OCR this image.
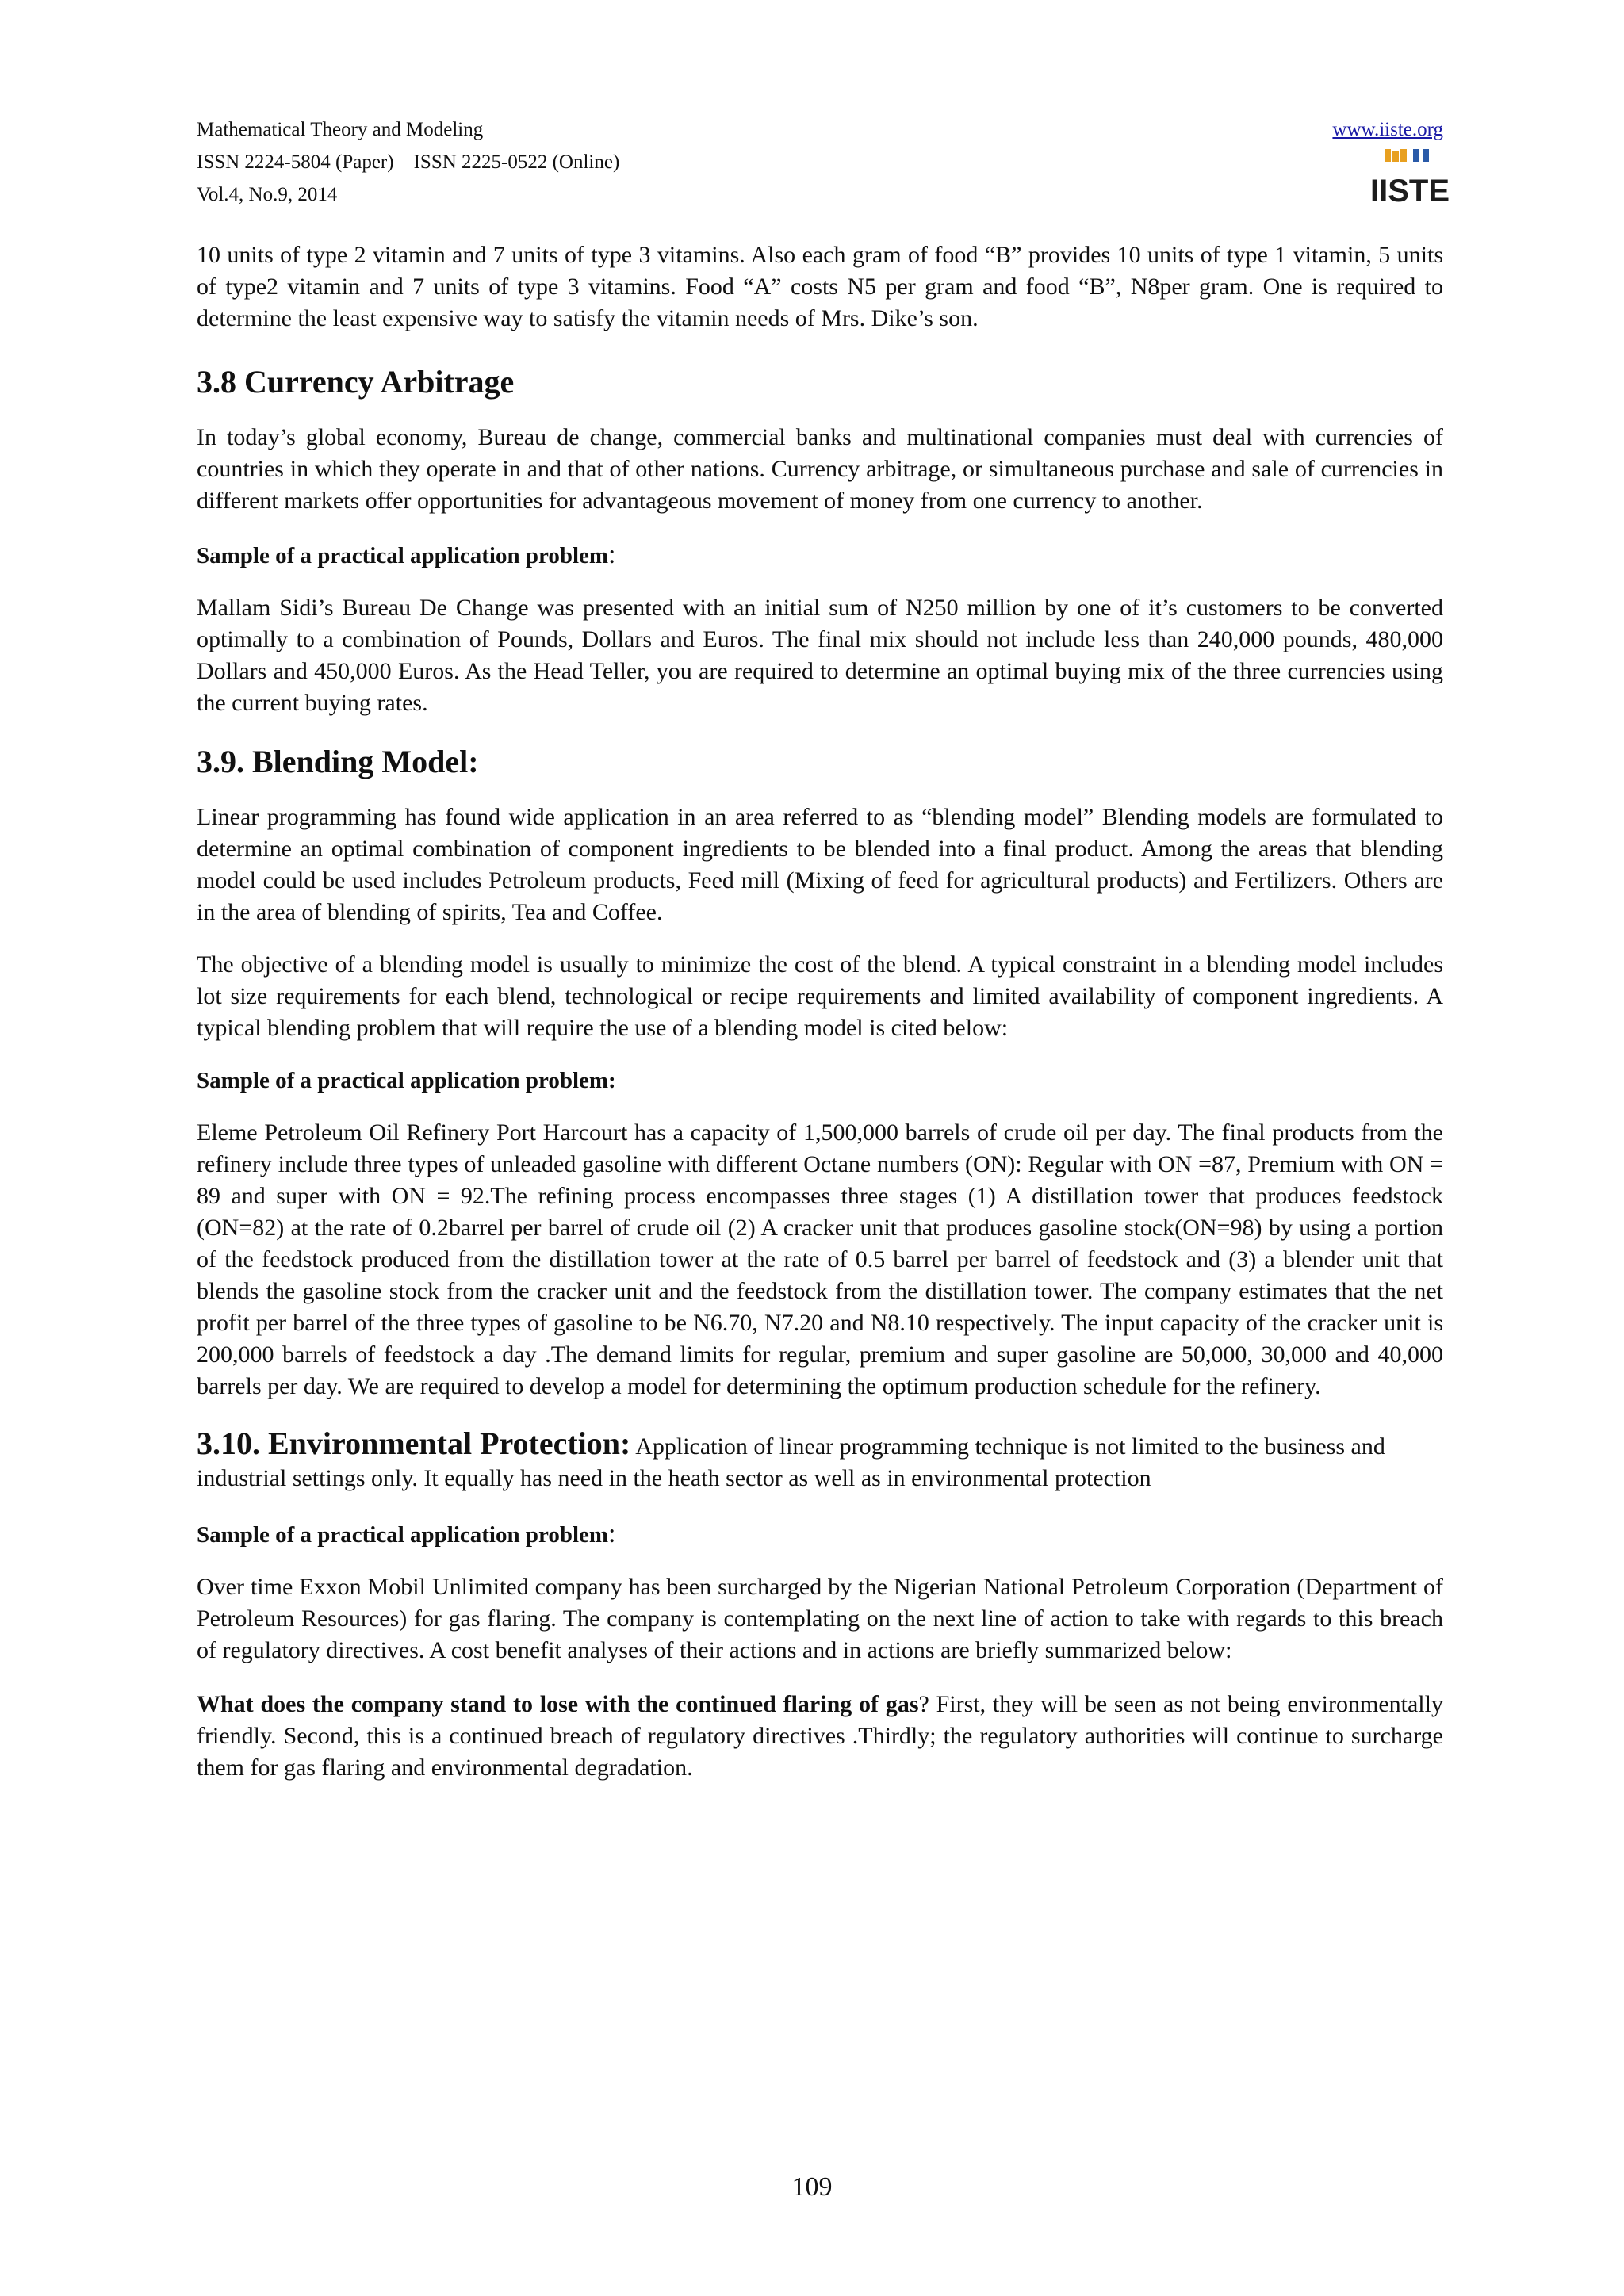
Mathematical Theory and Modeling
ISSN 2224-5804 (Paper)    ISSN 2225-0522 (Online)
Vol.4, No.9, 2014
www.iiste.org
IISTE

10 units of type 2 vitamin and 7 units of type 3 vitamins. Also each gram of food “B” provides 10 units of type 1 vitamin, 5 units of type2 vitamin and 7 units of type 3 vitamins. Food “A” costs N5 per gram and food “B”, N8per gram. One is required to determine the least expensive way to satisfy the vitamin needs of Mrs. Dike’s son.

3.8 Currency Arbitrage

In today’s global economy, Bureau de change, commercial banks and multinational companies must deal with currencies of countries in which they operate in and that of other nations. Currency arbitrage, or simultaneous purchase and sale of currencies in different markets offer opportunities for advantageous movement of money from one currency to another.

Sample of a practical application problem:

Mallam Sidi’s Bureau De Change was presented with an initial sum of N250 million by one of it’s customers to be converted optimally to a combination of Pounds, Dollars and Euros. The final mix should not include less than 240,000 pounds, 480,000 Dollars and 450,000 Euros. As the Head Teller, you are required to determine an optimal buying mix of the three currencies using the current buying rates.

3.9. Blending Model:

Linear programming has found wide application in an area referred to as “blending model” Blending models are formulated to determine an optimal combination of component ingredients to be blended into a final product. Among the areas that blending model could be used includes Petroleum products, Feed mill (Mixing of feed for agricultural products) and Fertilizers. Others are in the area of blending of spirits, Tea and Coffee.

The objective of a blending model is usually to minimize the cost of the blend. A typical constraint in a blending model includes lot size requirements for each blend, technological or recipe requirements and limited availability of component ingredients. A typical blending problem that will require the use of a blending model is cited below:

Sample of a practical application problem:

Eleme Petroleum Oil Refinery Port Harcourt has a capacity of 1,500,000 barrels of crude oil per day. The final products from the refinery include three types of unleaded gasoline with different Octane numbers (ON): Regular with ON =87, Premium with ON = 89 and super with ON = 92.The refining process encompasses three stages (1) A distillation tower that produces feedstock (ON=82) at the rate of 0.2barrel per barrel of crude oil (2) A cracker unit that produces gasoline stock(ON=98) by using a portion of the feedstock produced from the distillation tower at the rate of 0.5 barrel per barrel of feedstock and (3) a blender unit that blends the gasoline stock from the cracker unit and the feedstock from the distillation tower. The company estimates that the net profit per barrel of the three types of gasoline to be N6.70, N7.20 and N8.10 respectively. The input capacity of the cracker unit is 200,000 barrels of feedstock a day .The demand limits for regular, premium and super gasoline are 50,000, 30,000 and 40,000 barrels per day. We are required to develop a model for determining the optimum production schedule for the refinery.

3.10. Environmental Protection: Application of linear programming technique is not limited to the business and industrial settings only. It equally has need in the heath sector as well as in environmental protection

Sample of a practical application problem:

Over time Exxon Mobil Unlimited company has been surcharged by the Nigerian National Petroleum Corporation (Department of Petroleum Resources) for gas flaring. The company is contemplating on the next line of action to take with regards to this breach of regulatory directives. A cost benefit analyses of their actions and in actions are briefly summarized below:

What does the company stand to lose with the continued flaring of gas? First, they will be seen as not being environmentally friendly. Second, this is a continued breach of regulatory directives .Thirdly; the regulatory authorities will continue to surcharge them for gas flaring and environmental degradation.

109
